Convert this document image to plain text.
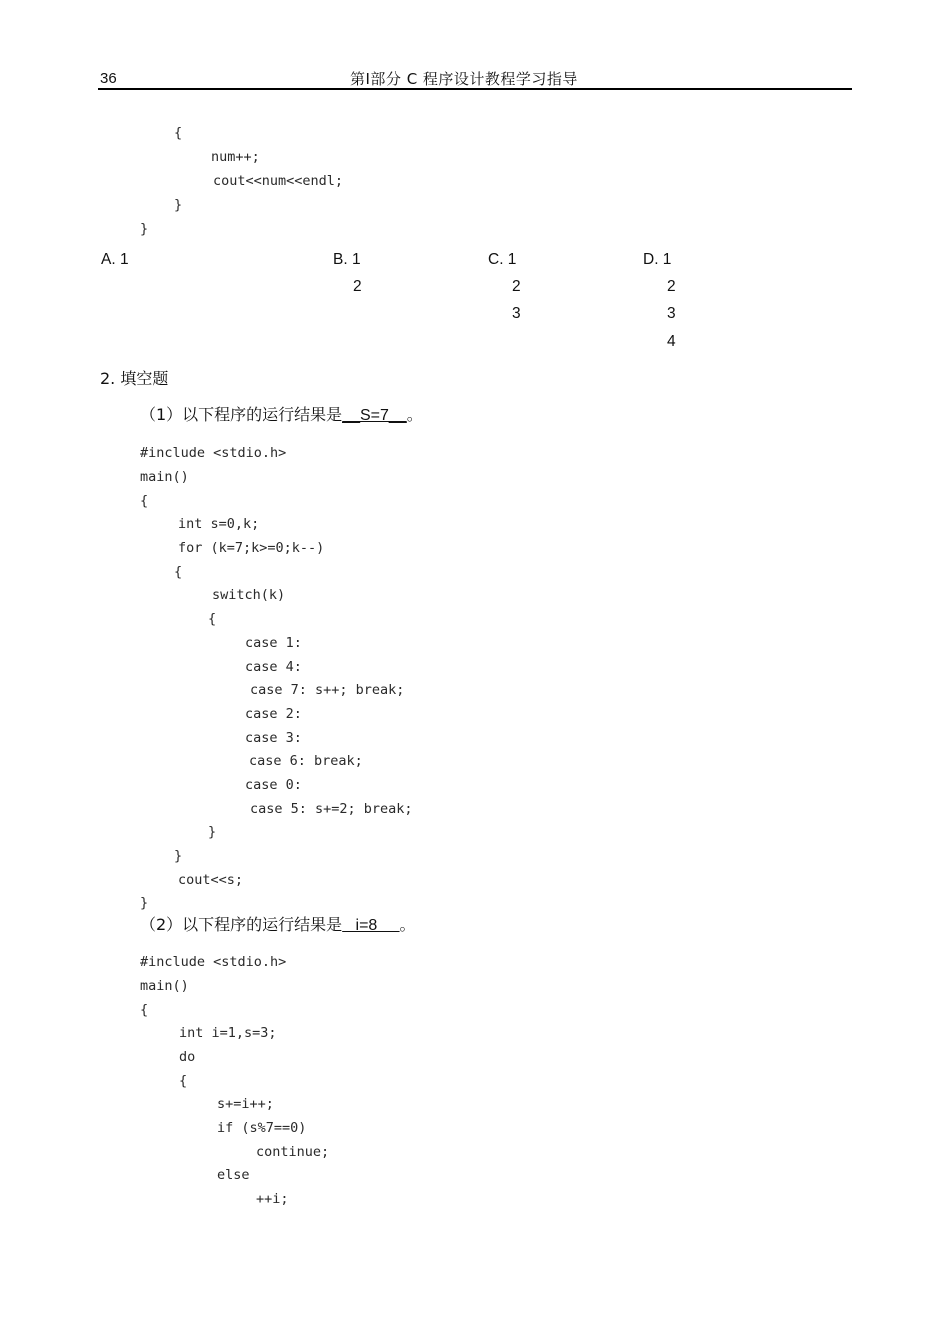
36	第Ⅰ部分 C 程序设计教程学习指导
{
num++;
cout<<num<<endl;
}
}
A. 1	B. 1
2
C. 1
2
3
D. 1
2
3
4
2. 填空题
（1）以下程序的运行结果是__S=7__。
#include <stdio.h>
main()
{
int s=0,k;
for (k=7;k>=0;k--)
{
switch(k)
{
case 1:
case 4:
case 7: s++; break;
case 2:
case 3:
case 6: break;
case 0:
case 5: s+=2; break;
}
}
cout<<s;
}
（2）以下程序的运行结果是   i=8     。
#include <stdio.h>
main()
{
int i=1,s=3;
do
{
s+=i++;
if (s%7==0)
continue;
else
++i;
